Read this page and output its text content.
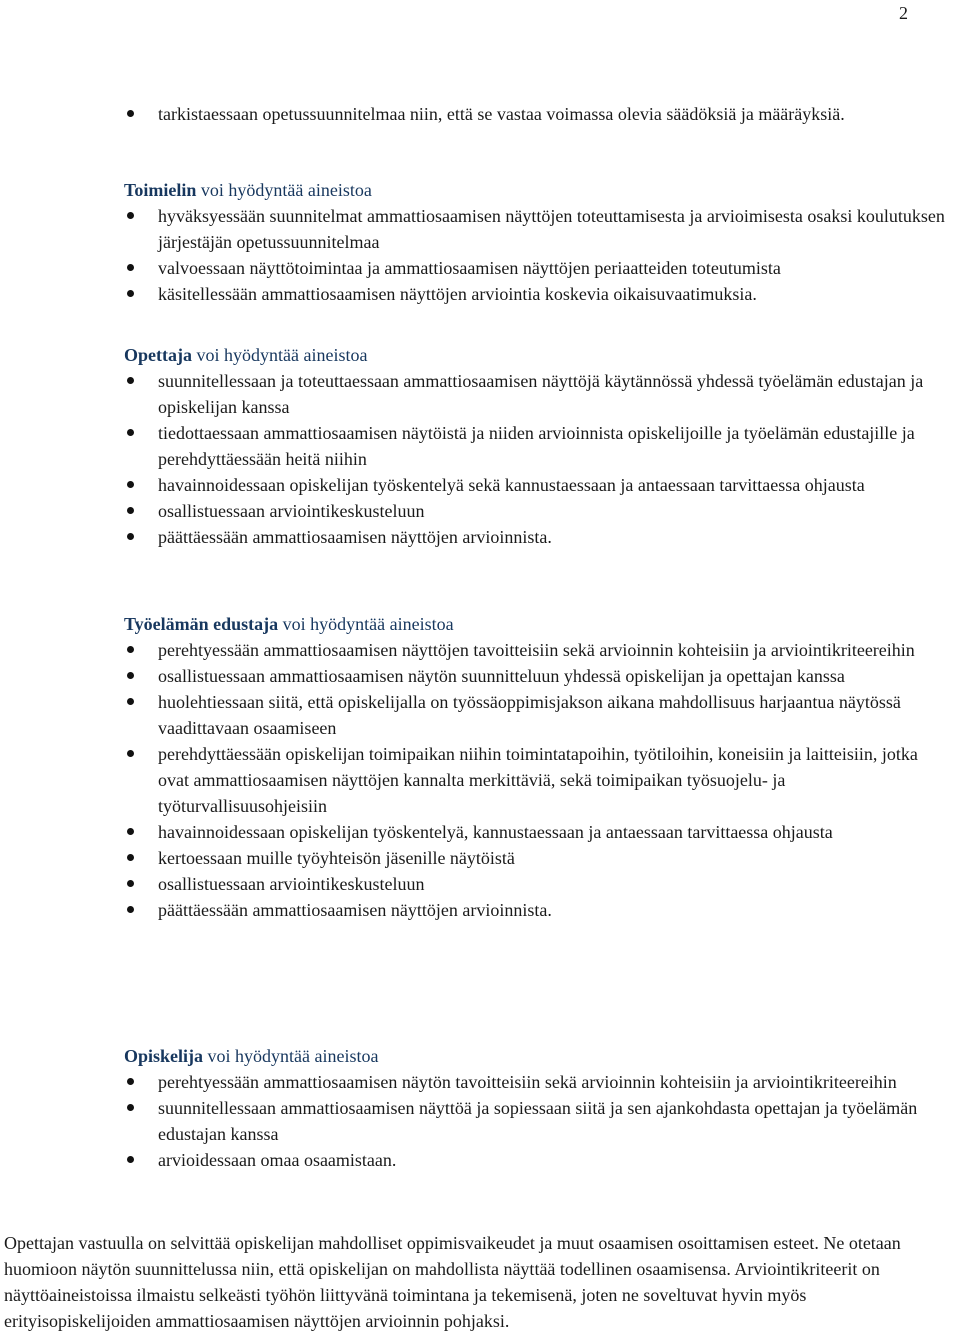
2
tarkistaessaan opetussuunnitelmaa niin, että se vastaa voimassa olevia säädöksiä ja määräyksiä.

Toimielin voi hyödyntää aineistoa

hyväksyessään suunnitelmat ammattiosaamisen näyttöjen toteuttamisesta ja arvioimisesta osaksi koulutuksen järjestäjän opetussuunnitelmaa
valvoessaan näyttötoimintaa ja ammattiosaamisen näyttöjen periaatteiden toteutumista
käsitellessään ammattiosaamisen näyttöjen arviointia koskevia oikaisuvaatimuksia.

Opettaja voi hyödyntää aineistoa

suunnitellessaan ja toteuttaessaan ammattiosaamisen näyttöjä käytännössä yhdessä työelämän edustajan ja opiskelijan kanssa
tiedottaessaan ammattiosaamisen näytöistä ja niiden arvioinnista opiskelijoille ja työelämän edustajille ja perehdyttäessään heitä niihin
havainnoidessaan opiskelijan työskentelyä sekä kannustaessaan ja antaessaan tarvittaessa ohjausta
osallistuessaan arviointikeskusteluun
päättäessään ammattiosaamisen näyttöjen arvioinnista.

Työelämän edustaja voi hyödyntää aineistoa

perehtyessään ammattiosaamisen näyttöjen tavoitteisiin sekä arvioinnin kohteisiin ja arviointikriteereihin
osallistuessaan ammattiosaamisen näytön suunnitteluun yhdessä opiskelijan ja opettajan kanssa
huolehtiessaan siitä, että opiskelijalla on työssäoppimisjakson aikana mahdollisuus harjaantua näytössä vaadittavaan osaamiseen
perehdyttäessään opiskelijan toimipaikan niihin toimintatapoihin, työtiloihin, koneisiin ja laitteisiin, jotka ovat ammattiosaamisen näyttöjen kannalta merkittäviä, sekä toimipaikan työsuojelu- ja työturvallisuusohjeisiin
havainnoidessaan opiskelijan työskentelyä, kannustaessaan ja antaessaan tarvittaessa ohjausta
kertoessaan muille työyhteisön jäsenille näytöistä
osallistuessaan arviointikeskusteluun
päättäessään ammattiosaamisen näyttöjen arvioinnista.

Opiskelija voi hyödyntää aineistoa

perehtyessään ammattiosaamisen näytön tavoitteisiin sekä arvioinnin kohteisiin ja arviointikriteereihin
suunnitellessaan ammattiosaamisen näyttöä ja sopiessaan siitä ja sen ajankohdasta opettajan ja työelämän edustajan kanssa
arvioidessaan omaa osaamistaan.

Opettajan vastuulla on selvittää opiskelijan mahdolliset oppimisvaikeudet ja muut osaamisen osoittamisen esteet. Ne otetaan huomioon näytön suunnittelussa niin, että opiskelijan on mahdollista näyttää todellinen osaamisensa. Arviointikriteerit on näyttöaineistoissa ilmaistu selkeästi työhön liittyvänä toimintana ja tekemisenä, joten ne soveltuvat hyvin myös erityisopiskelijoiden ammattiosaamisen näyttöjen arvioinnin pohjaksi.
